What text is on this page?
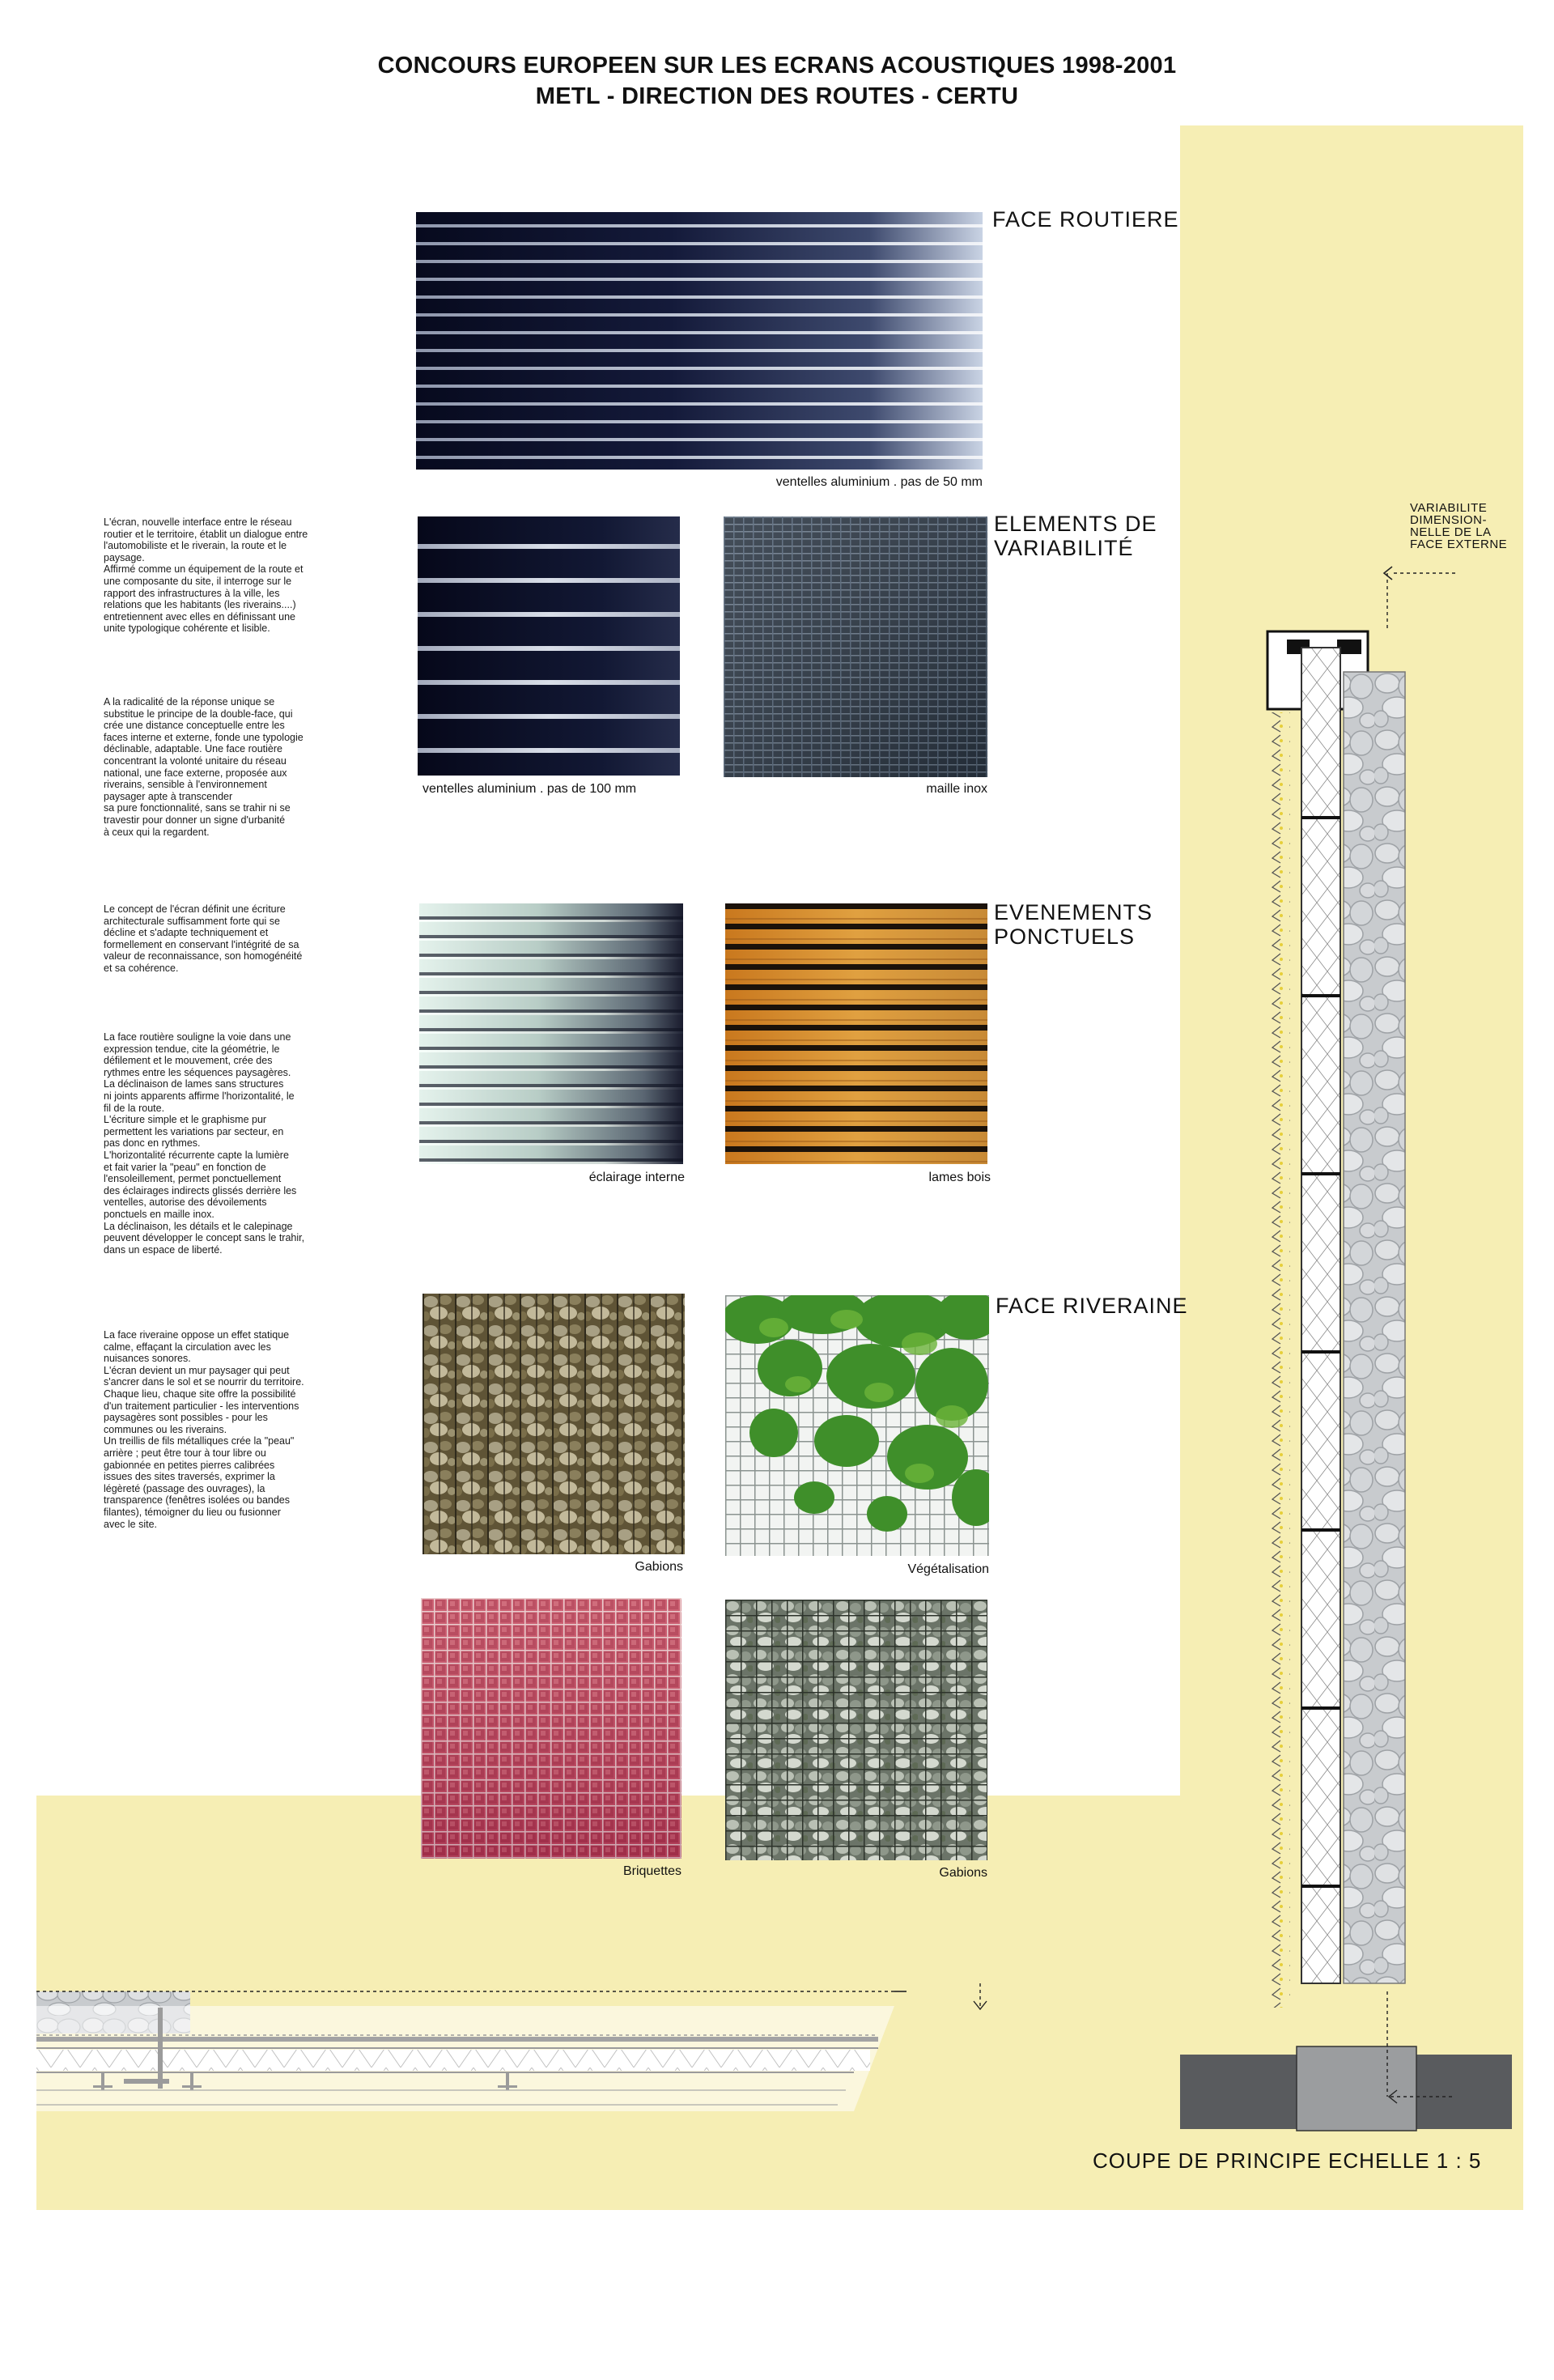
CONCOURS EUROPEEN SUR LES ECRANS ACOUSTIQUES 1998-2001
METL - DIRECTION DES ROUTES - CERTU
L'écran, nouvelle interface entre le réseau
routier et le territoire, établit un dialogue entre
l'automobiliste et le riverain, la route et le
paysage.
Affirmé comme un équipement de la route et
une composante du site, il interroge sur le
rapport des infrastructures à la ville, les
relations que les habitants (les riverains....)
entretiennent avec elles en définissant une
unite typologique cohérente et lisible.
A la radicalité de la réponse unique se
substitue le principe de la double-face, qui
crée une distance conceptuelle entre les
faces interne et externe, fonde une typologie
déclinable, adaptable. Une face routière
concentrant la volonté unitaire du réseau
national, une face externe, proposée aux
riverains, sensible à l'environnement
paysager apte à transcender
sa pure fonctionnalité, sans se trahir ni se
travestir pour donner un signe d'urbanité
à ceux qui la regardent.
Le concept de l'écran définit une écriture
architecturale suffisamment forte qui se
décline et s'adapte techniquement et
formellement en conservant l'intégrité de sa
valeur de reconnaissance, son homogénéité
et sa cohérence.
La face routière souligne la voie dans une
expression tendue, cite la géométrie, le
défilement et le mouvement, crée des
rythmes entre les séquences paysagères.
La déclinaison de lames sans structures
ni joints apparents affirme l'horizontalité, le
fil de la route.
L'écriture simple et le graphisme pur
permettent les variations par secteur, en
pas donc en rythmes.
L'horizontalité récurrente capte la lumière
et fait varier la "peau" en fonction de
l'ensoleillement, permet ponctuellement
des éclairages indirects glissés derrière les
ventelles, autorise des dévoilements
ponctuels en maille inox.
La déclinaison, les détails et le calepinage
peuvent développer le concept sans le trahir,
dans un espace de liberté.
La face riveraine oppose un effet statique
calme, effaçant la circulation avec les
nuisances sonores.
L'écran devient un mur paysager qui peut
s'ancrer dans le sol et se nourrir du territoire.
Chaque lieu, chaque site offre la possibilité
d'un traitement particulier - les interventions
paysagères sont possibles - pour les
communes ou les riverains.
Un treillis de fils métalliques crée la "peau"
arrière ; peut être tour à tour libre ou
gabionnée en petites pierres calibrées
issues des sites traversés, exprimer la
légèreté (passage des ouvrages), la
transparence (fenêtres isolées ou bandes
filantes), témoigner du lieu ou fusionner
avec le site.
FACE ROUTIERE
ELEMENTS DE
VARIABILITÉ
EVENEMENTS
PONCTUELS
FACE RIVERAINE
ventelles aluminium . pas de 50 mm
ventelles aluminium . pas de 100 mm	maille inox
éclairage interne	lames bois
Gabions	Végétalisation
Briquettes	Gabions
VARIABILITE
DIMENSION-
NELLE DE LA
FACE EXTERNE
COUPE DE PRINCIPE ECHELLE 1 : 5
